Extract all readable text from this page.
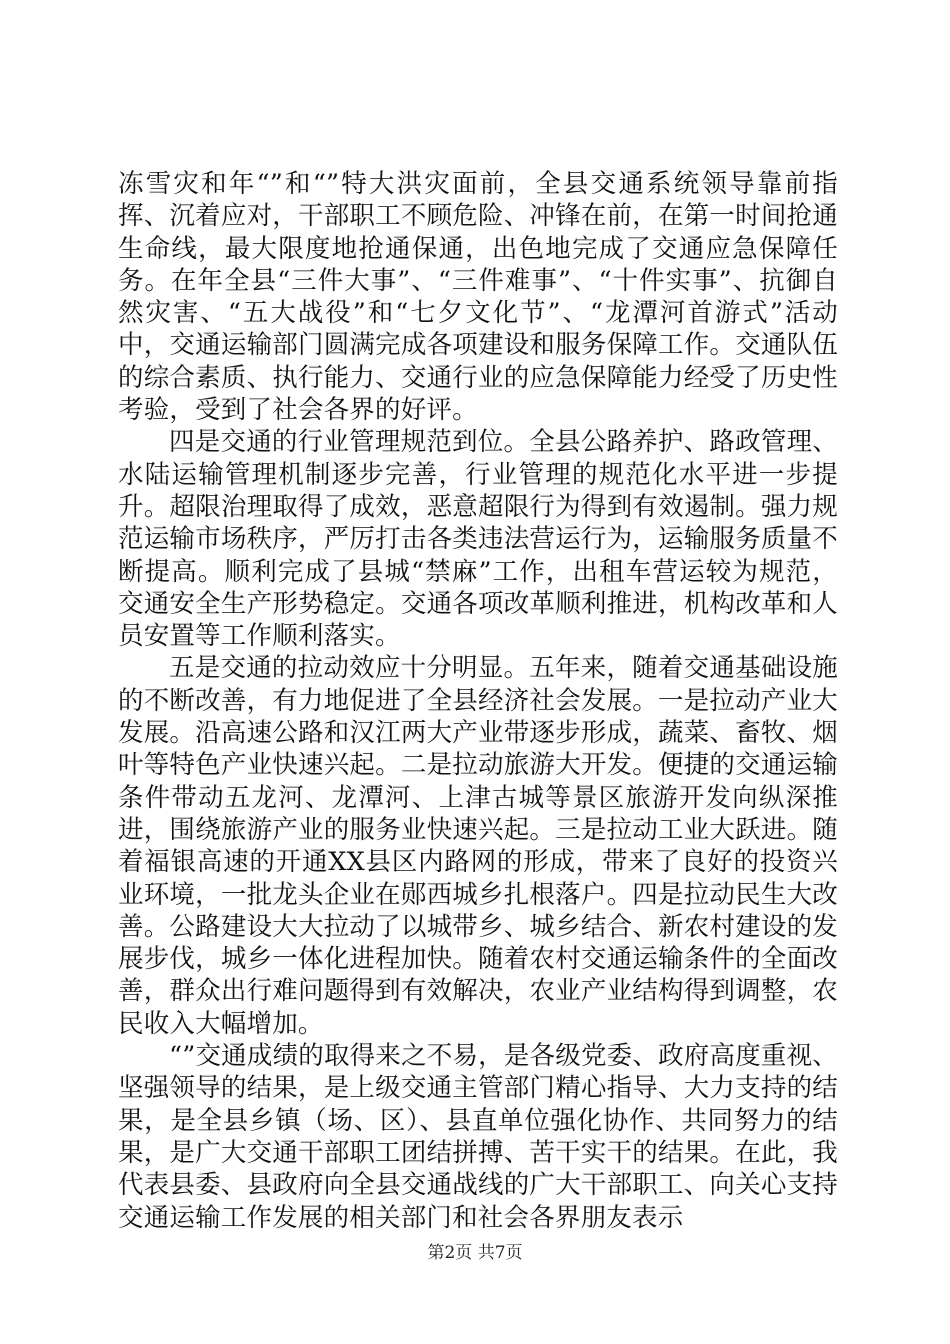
冻雪灾和年“”和“”特大洪灾面前，全县交通系统领导靠前指挥、沉着应对，干部职工不顾危险、冲锋在前，在第一时间抢通生命线，最大限度地抢通保通，出色地完成了交通应急保障任务。在年全县“三件大事”、“三件难事”、“十件实事”、抗御自然灾害、“五大战役”和“七夕文化节”、“龙潭河首游式”活动中，交通运输部门圆满完成各项建设和服务保障工作。交通队伍的综合素质、执行能力、交通行业的应急保障能力经受了历史性考验，受到了社会各界的好评。

四是交通的行业管理规范到位。全县公路养护、路政管理、水陆运输管理机制逐步完善，行业管理的规范化水平进一步提升。超限治理取得了成效，恶意超限行为得到有效遏制。强力规范运输市场秩序，严厉打击各类违法营运行为，运输服务质量不断提高。顺利完成了县城“禁麻”工作，出租车营运较为规范，交通安全生产形势稳定。交通各项改革顺利推进，机构改革和人员安置等工作顺利落实。

五是交通的拉动效应十分明显。五年来，随着交通基础设施的不断改善，有力地促进了全县经济社会发展。一是拉动产业大发展。沿高速公路和汉江两大产业带逐步形成，蔬菜、畜牧、烟叶等特色产业快速兴起。二是拉动旅游大开发。便捷的交通运输条件带动五龙河、龙潭河、上津古城等景区旅游开发向纵深推进，围绕旅游产业的服务业快速兴起。三是拉动工业大跃进。随着福银高速的开通XX县区内路网的形成，带来了良好的投资兴业环境，一批龙头企业在郧西城乡扎根落户。四是拉动民生大改善。公路建设大大拉动了以城带乡、城乡结合、新农村建设的发展步伐，城乡一体化进程加快。随着农村交通运输条件的全面改善，群众出行难问题得到有效解决，农业产业结构得到调整，农民收入大幅增加。

“”交通成绩的取得来之不易，是各级党委、政府高度重视、坚强领导的结果，是上级交通主管部门精心指导、大力支持的结果，是全县乡镇（场、区）、县直单位强化协作、共同努力的结果，是广大交通干部职工团结拼搏、苦干实干的结果。在此，我代表县委、县政府向全县交通战线的广大干部职工、向关心支持交通运输工作发展的相关部门和社会各界朋友表示

第2页 共7页
